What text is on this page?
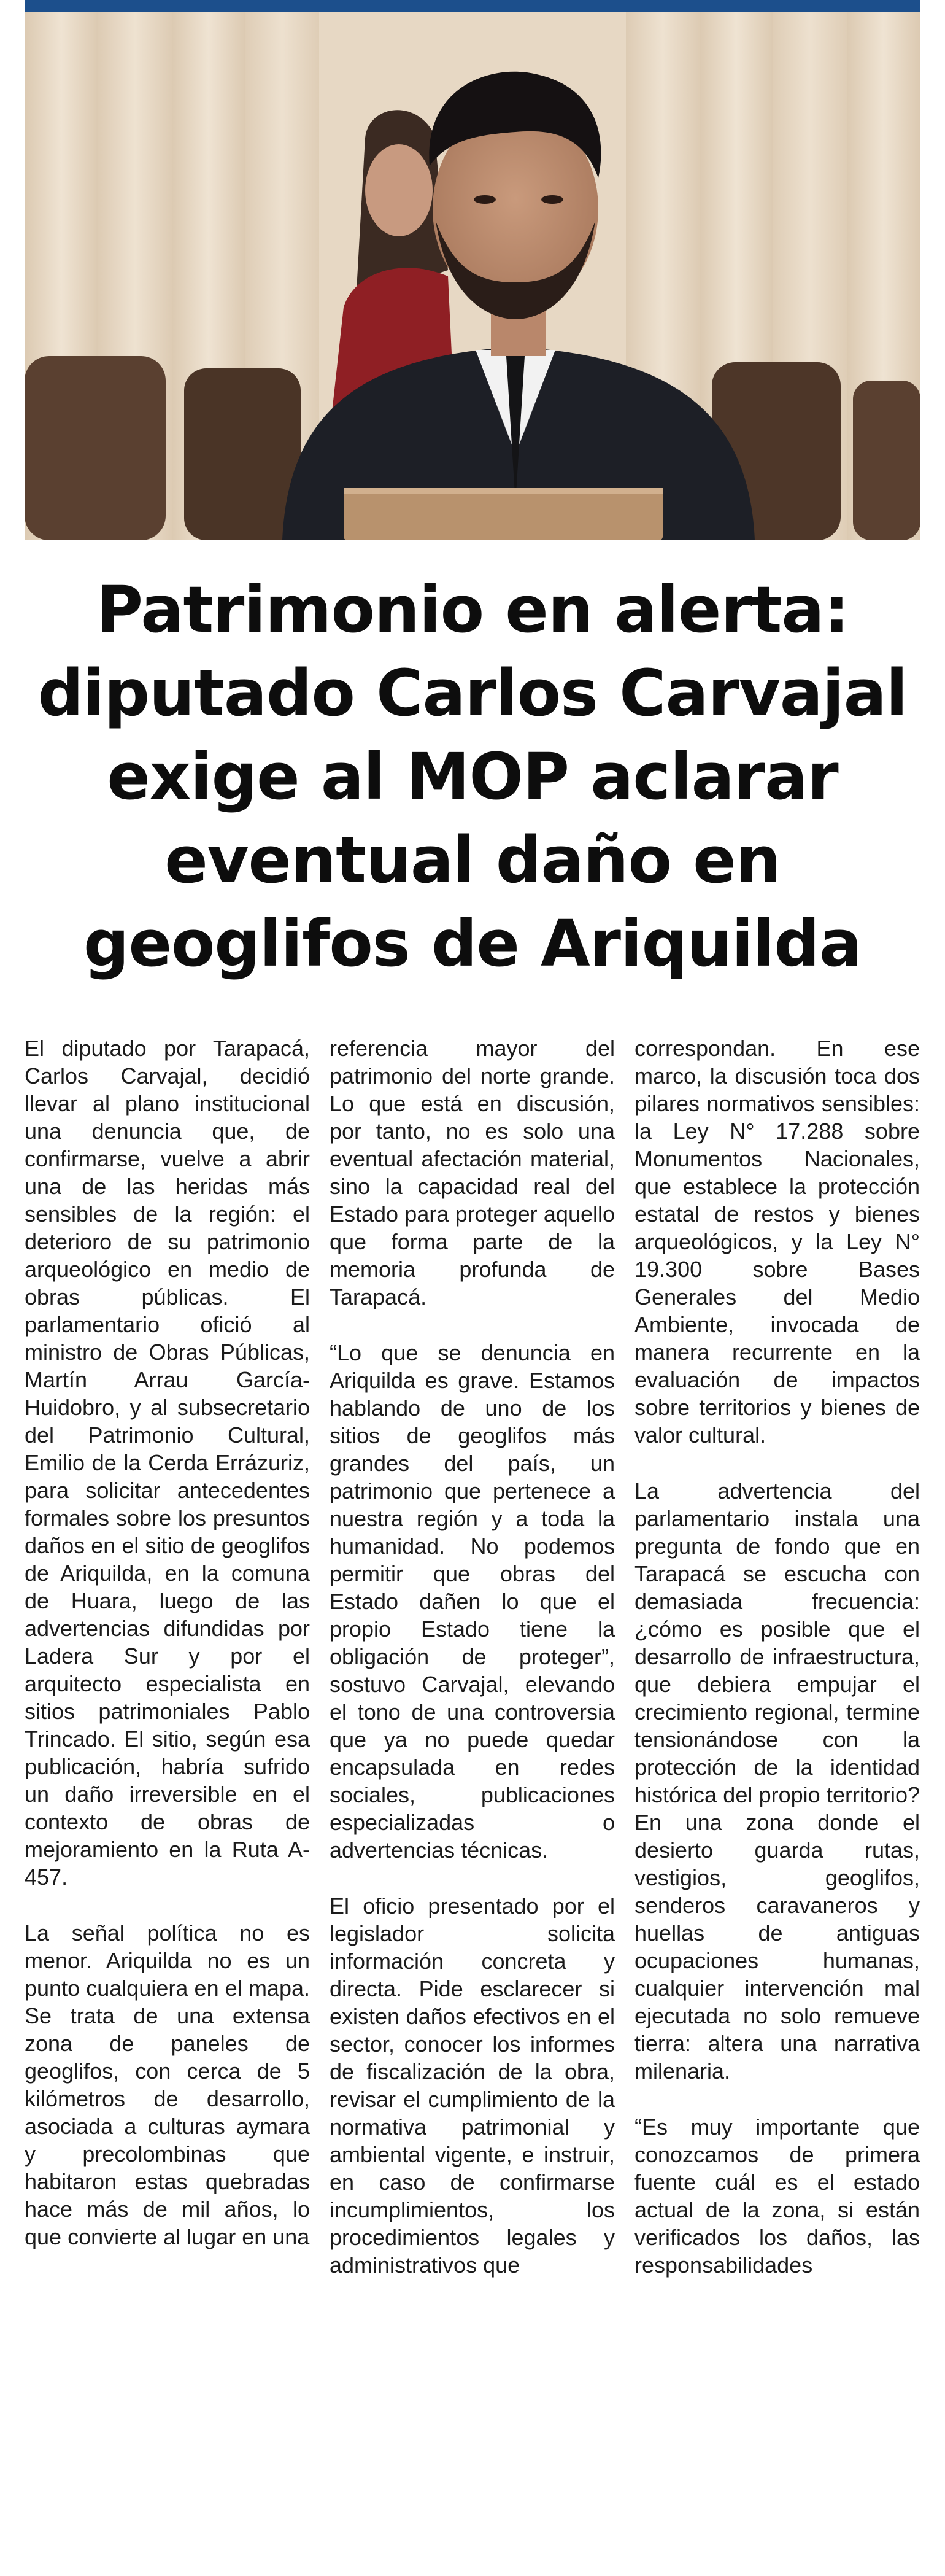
Patrimonio en alerta: diputado Carlos Carvajal exige al MOP aclarar eventual daño en geoglifos de Ariquilda

El diputado por Tarapacá, Carlos Carvajal, decidió llevar al plano institucional una denuncia que, de confirmarse, vuelve a abrir una de las heridas más sensibles de la región: el deterioro de su patrimonio arqueológico en medio de obras públicas. El parlamentario ofició al ministro de Obras Públicas, Martín Arrau García-Huidobro, y al subsecretario del Patrimonio Cultural, Emilio de la Cerda Errázuriz, para solicitar antecedentes formales sobre los presuntos daños en el sitio de geoglifos de Ariquilda, en la comuna de Huara, luego de las advertencias difundidas por Ladera Sur y por el arquitecto especialista en sitios patrimoniales Pablo Trincado. El sitio, según esa publicación, habría sufrido un daño irreversible en el contexto de obras de mejoramiento en la Ruta A-457.

La señal política no es menor. Ariquilda no es un punto cualquiera en el mapa. Se trata de una extensa zona de paneles de geoglifos, con cerca de 5 kilómetros de desarrollo, asociada a culturas aymara y precolombinas que habitaron estas quebradas hace más de mil años, lo que convierte al lugar en una

referencia mayor del patrimonio del norte grande. Lo que está en discusión, por tanto, no es solo una eventual afectación material, sino la capacidad real del Estado para proteger aquello que forma parte de la memoria profunda de Tarapacá.

“Lo que se denuncia en Ariquilda es grave. Estamos hablando de uno de los sitios de geoglifos más grandes del país, un patrimonio que pertenece a nuestra región y a toda la humanidad. No podemos permitir que obras del Estado dañen lo que el propio Estado tiene la obligación de proteger”, sostuvo Carvajal, elevando el tono de una controversia que ya no puede quedar encapsulada en redes sociales, publicaciones especializadas o advertencias técnicas.

El oficio presentado por el legislador solicita información concreta y directa. Pide esclarecer si existen daños efectivos en el sector, conocer los informes de fiscalización de la obra, revisar el cumplimiento de la normativa patrimonial y ambiental vigente, e instruir, en caso de confirmarse incumplimientos, los procedimientos legales y administrativos que

correspondan. En ese marco, la discusión toca dos pilares normativos sensibles: la Ley N° 17.288 sobre Monumentos Nacionales, que establece la protección estatal de restos y bienes arqueológicos, y la Ley N° 19.300 sobre Bases Generales del Medio Ambiente, invocada de manera recurrente en la evaluación de impactos sobre territorios y bienes de valor cultural.

La advertencia del parlamentario instala una pregunta de fondo que en Tarapacá se escucha con demasiada frecuencia: ¿cómo es posible que el desarrollo de infraestructura, que debiera empujar el crecimiento regional, termine tensionándose con la protección de la identidad histórica del propio territorio? En una zona donde el desierto guarda rutas, vestigios, geoglifos, senderos caravaneros y huellas de antiguas ocupaciones humanas, cualquier intervención mal ejecutada no solo remueve tierra: altera una narrativa milenaria.

“Es muy importante que conozcamos de primera fuente cuál es el estado actual de la zona, si están verificados los daños, las responsabilidades
